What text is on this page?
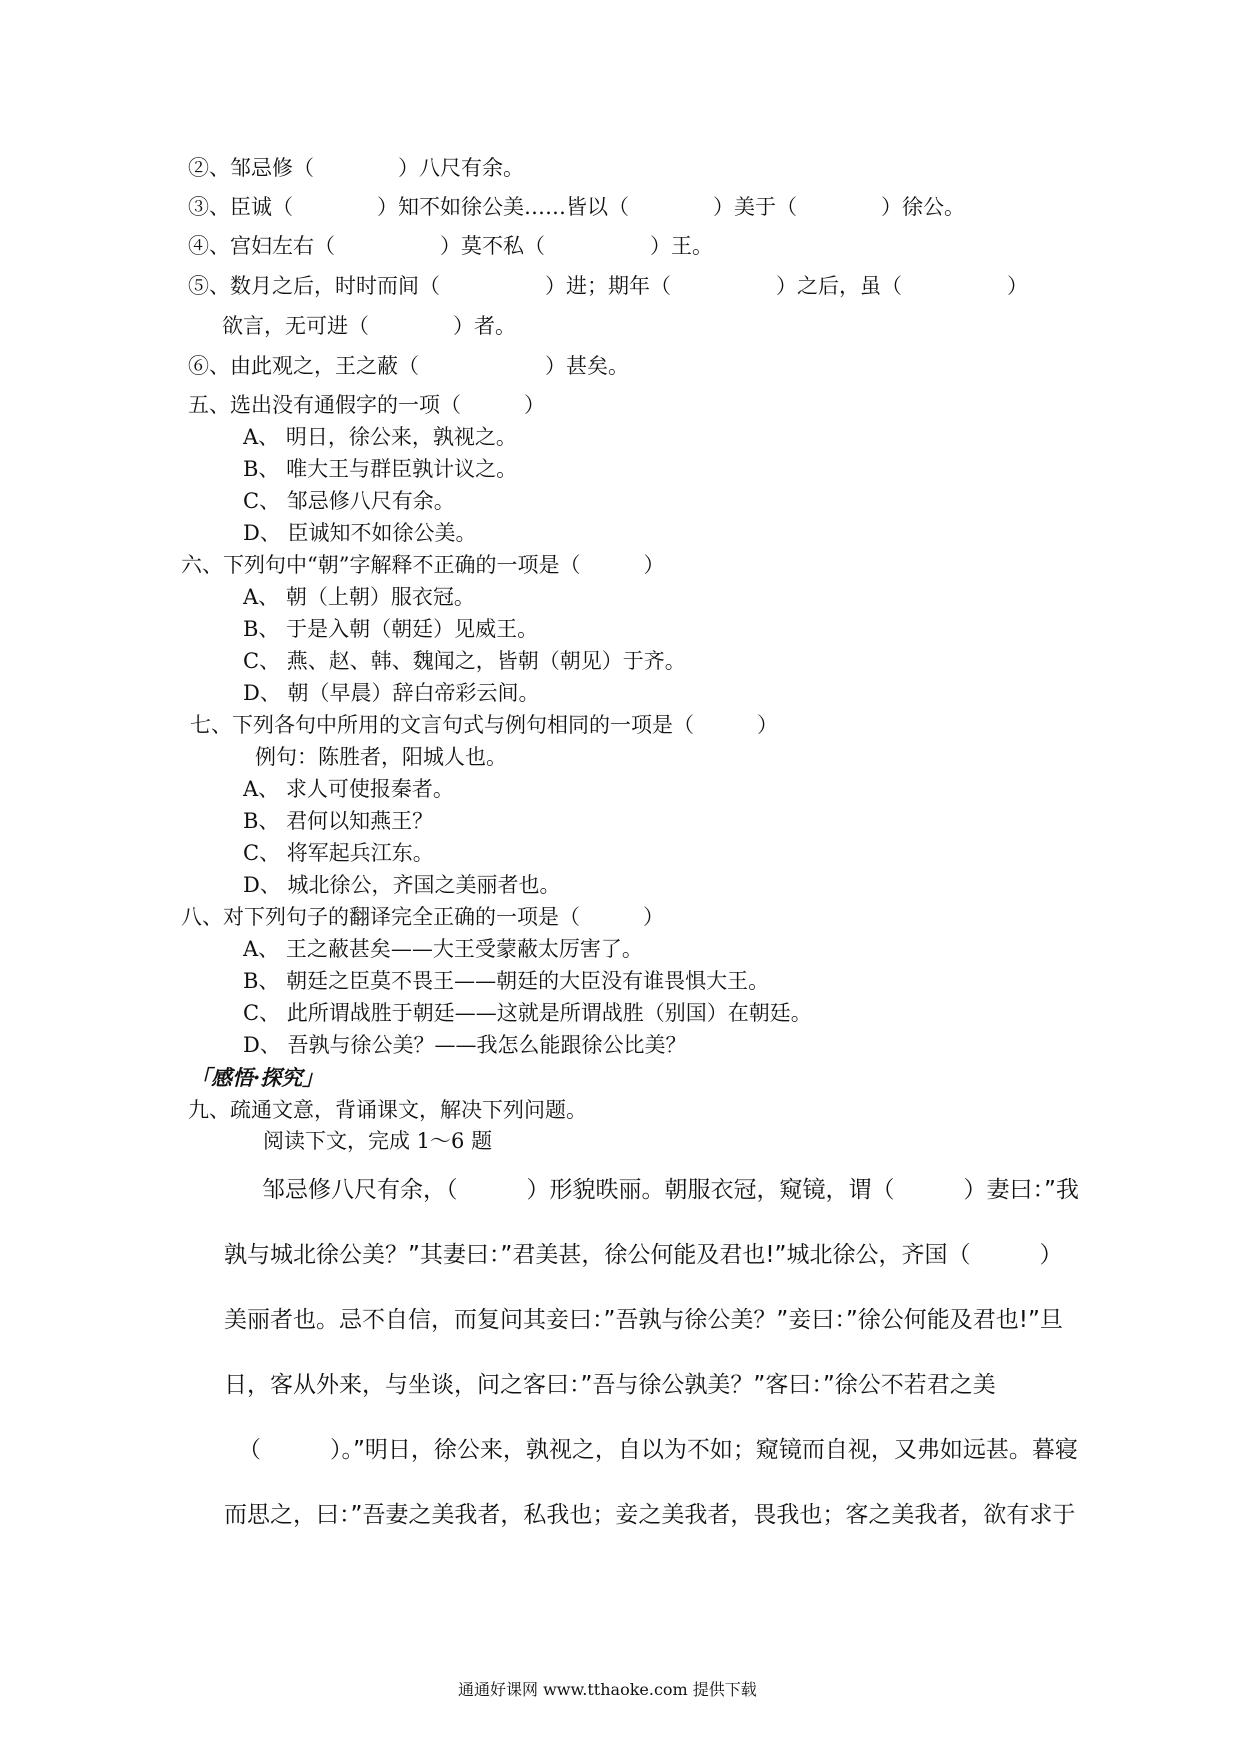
②、邹忌修（　　　　）八尺有余。
③、臣诚（　　　　）知不如徐公美……皆以（　　　　）美于（　　　　）徐公。
④、宫妇左右（　　　　　）莫不私（　　　　　）王。
⑤、数月之后，时时而间（　　　　　）进；期年（　　　　　）之后，虽（　　　　　）
欲言，无可进（　　　　）者。
⑥、由此观之，王之蔽（　　　　　　）甚矣。
五、选出没有通假字的一项（　　　）
A、 明日，徐公来，孰视之。
B、 唯大王与群臣孰计议之。
C、 邹忌修八尺有余。
D、 臣诚知不如徐公美。
六、下列句中“朝”字解释不正确的一项是（　　　）
A、 朝（上朝）服衣冠。
B、 于是入朝（朝廷）见威王。
C、 燕、赵、韩、魏闻之，皆朝（朝见）于齐。
D、 朝（早晨）辞白帝彩云间。
七、下列各句中所用的文言句式与例句相同的一项是（　　　）
例句：陈胜者，阳城人也。
A、 求人可使报秦者。
B、 君何以知燕王？
C、 将军起兵江东。
D、 城北徐公，齐国之美丽者也。
八、对下列句子的翻译完全正确的一项是（　　　）
A、 王之蔽甚矣——大王受蒙蔽太厉害了。
B、 朝廷之臣莫不畏王——朝廷的大臣没有谁畏惧大王。
C、 此所谓战胜于朝廷——这就是所谓战胜（别国）在朝廷。
D、 吾孰与徐公美？——我怎么能跟徐公比美？
「感悟·探究」
九、疏通文意，背诵课文，解决下列问题。
阅读下文，完成 1～6 题
邹忌修八尺有余，（　　　）形貌昳丽。朝服衣冠，窥镜，谓（　　　）妻曰：”我
孰与城北徐公美？”其妻曰：”君美甚，徐公何能及君也!”城北徐公，齐国（　　　）
美丽者也。忌不自信，而复问其妾曰：”吾孰与徐公美？”妾曰：”徐公何能及君也!”旦
日，客从外来，与坐谈，问之客曰：”吾与徐公孰美？”客曰：”徐公不若君之美
（　　　）。”明日，徐公来，孰视之，自以为不如；窥镜而自视，又弗如远甚。暮寝
而思之，曰：”吾妻之美我者，私我也；妾之美我者，畏我也；客之美我者，欲有求于
通通好课网 www.tthaoke.com 提供下载
